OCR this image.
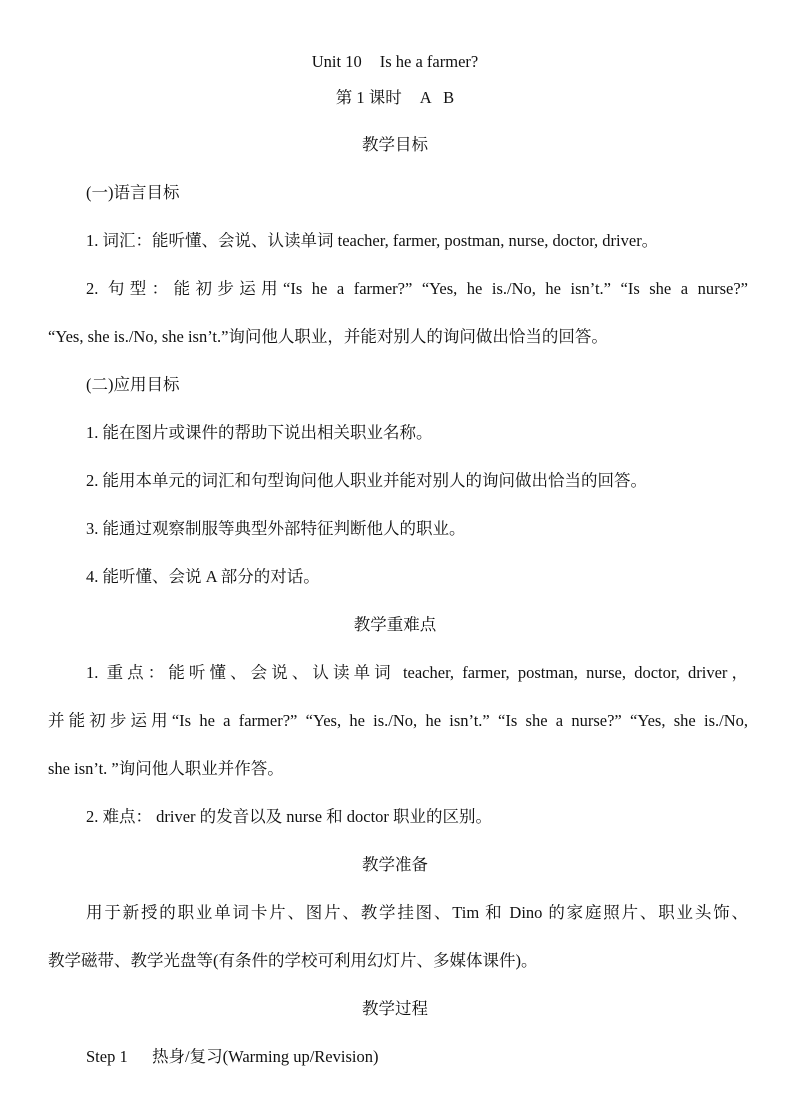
Unit 10 Is he a farmer?
第 1 课时 A   B
教学目标
(一)语言目标
1. 词汇：能听懂、会说、认读单词 teacher, farmer, postman, nurse, doctor, driver。
2. 句型：能初步运用“Is he a farmer?” “Yes, he is./No, he isn’t.” “Is she a nurse?”
“Yes, she is./No, she isn’t.”询问他人职业，并能对别人的询问做出恰当的回答。
(二)应用目标
1. 能在图片或课件的帮助下说出相关职业名称。
2. 能用本单元的词汇和句型询问他人职业并能对别人的询问做出恰当的回答。
3. 能通过观察制服等典型外部特征判断他人的职业。
4. 能听懂、会说 A 部分的对话。
教学重难点
1. 重点：能听懂、会说、认读单词 teacher, farmer, postman, nurse, doctor, driver，
并能初步运用“Is he a farmer?” “Yes, he is./No, he isn’t.” “Is she a nurse?” “Yes, she is./No,
she isn’t. ”询问他人职业并作答。
2. 难点： driver 的发音以及 nurse 和 doctor 职业的区别。
教学准备
用于新授的职业单词卡片、图片、教学挂图、Tim 和 Dino 的家庭照片、职业头饰、
教学磁带、教学光盘等(有条件的学校可利用幻灯片、多媒体课件)。
教学过程
Step 1 热身/复习(Warming up/Revision)
